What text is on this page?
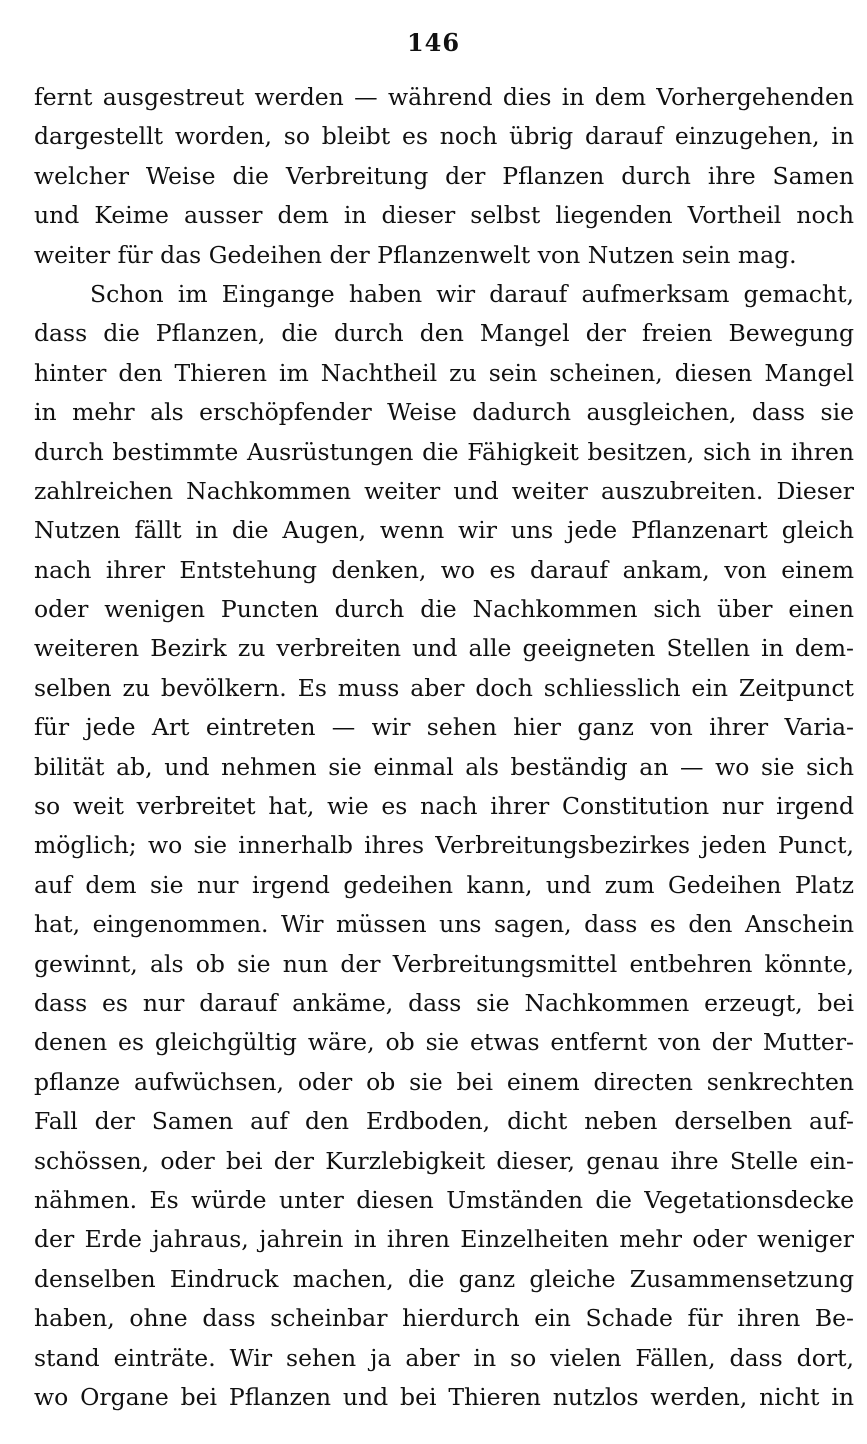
146
fernt ausgestreut werden — während dies in dem Vorhergehenden
dargestellt worden, so bleibt es noch übrig darauf einzugehen, in
welcher Weise die Verbreitung der Pflanzen durch ihre Samen
und Keime ausser dem in dieser selbst liegenden Vortheil noch
weiter für das Gedeihen der Pflanzenwelt von Nutzen sein mag.
Schon im Eingange haben wir darauf aufmerksam gemacht,
dass die Pflanzen, die durch den Mangel der freien Bewegung
hinter den Thieren im Nachtheil zu sein scheinen, diesen Mangel
in mehr als erschöpfender Weise dadurch ausgleichen, dass sie
durch bestimmte Ausrüstungen die Fähigkeit besitzen, sich in ihren
zahlreichen Nachkommen weiter und weiter auszubreiten. Dieser
Nutzen fällt in die Augen, wenn wir uns jede Pflanzenart gleich
nach ihrer Entstehung denken, wo es darauf ankam, von einem
oder wenigen Puncten durch die Nachkommen sich über einen
weiteren Bezirk zu verbreiten und alle geeigneten Stellen in dem-
selben zu bevölkern. Es muss aber doch schliesslich ein Zeitpunct
für jede Art eintreten — wir sehen hier ganz von ihrer Varia-
bilität ab, und nehmen sie einmal als beständig an — wo sie sich
so weit verbreitet hat, wie es nach ihrer Constitution nur irgend
möglich; wo sie innerhalb ihres Verbreitungsbezirkes jeden Punct,
auf dem sie nur irgend gedeihen kann, und zum Gedeihen Platz
hat, eingenommen. Wir müssen uns sagen, dass es den Anschein
gewinnt, als ob sie nun der Verbreitungsmittel entbehren könnte,
dass es nur darauf ankäme, dass sie Nachkommen erzeugt, bei
denen es gleichgültig wäre, ob sie etwas entfernt von der Mutter-
pflanze aufwüchsen, oder ob sie bei einem directen senkrechten
Fall der Samen auf den Erdboden, dicht neben derselben auf-
schössen, oder bei der Kurzlebigkeit dieser, genau ihre Stelle ein-
nähmen. Es würde unter diesen Umständen die Vegetationsdecke
der Erde jahraus, jahrein in ihren Einzelheiten mehr oder weniger
denselben Eindruck machen, die ganz gleiche Zusammensetzung
haben, ohne dass scheinbar hierdurch ein Schade für ihren Be-
stand einträte. Wir sehen ja aber in so vielen Fällen, dass dort,
wo Organe bei Pflanzen und bei Thieren nutzlos werden, nicht in
